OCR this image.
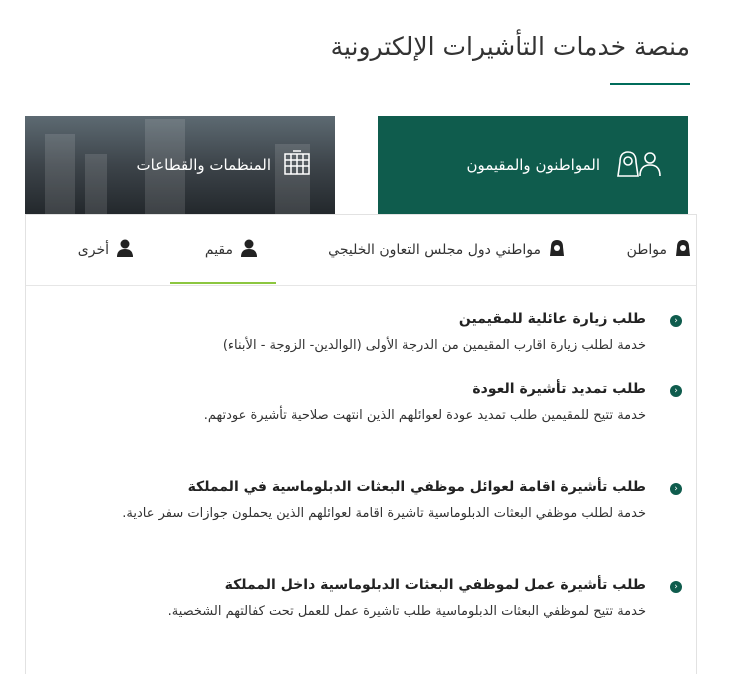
منصة خدمات التأشيرات الإلكترونية
المواطنون والمقيمون
المنظمات والقطاعات
مواطن
مواطني دول مجلس التعاون الخليجي
مقيم
أخرى
‹
طلب زيارة عائلية للمقيمين
خدمة لطلب زيارة اقارب المقيمين من الدرجة الأولى (الوالدين- الزوجة - الأبناء)
‹
طلب تمديد تأشيرة العودة
خدمة تتيح للمقيمين طلب تمديد عودة لعوائلهم الذين انتهت صلاحية تأشيرة عودتهم.
‹
طلب تأشيرة اقامة لعوائل موظفي البعثات الدبلوماسية في المملكة
خدمة لطلب موظفي البعثات الدبلوماسية تاشيرة اقامة لعوائلهم الذين يحملون جوازات سفر عادية.
‹
طلب تأشيرة عمل لموظفي البعثات الدبلوماسية داخل المملكة
خدمة تتيح لموظفي البعثات الدبلوماسية طلب تاشيرة عمل للعمل تحت كفالتهم الشخصية.
